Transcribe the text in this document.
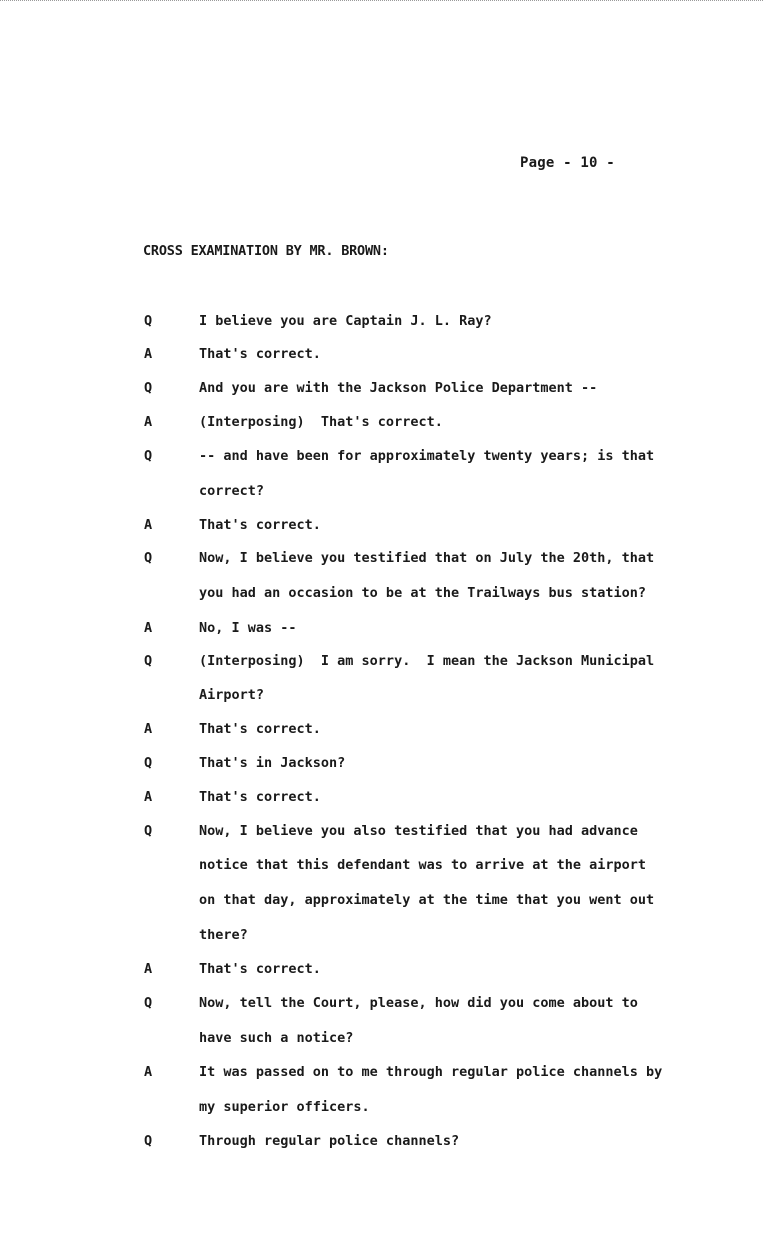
Page - 10 -
CROSS EXAMINATION BY MR. BROWN:

Q

	I believe you are Captain J. L. Ray?

A

	That's correct.

Q

	And you are with the Jackson Police Department --

A

	(Interposing)  That's correct.

Q

	-- and have been for approximately twenty years; is that

correct?

A

	That's correct.

Q

	Now, I believe you testified that on July the 20th, that

you had an occasion to be at the Trailways bus station?

A

	No, I was --

Q

	(Interposing)  I am sorry.  I mean the Jackson Municipal

Airport?

A

	That's correct.

Q

	That's in Jackson?

A

	That's correct.

Q

	Now, I believe you also testified that you had advance

notice that this defendant was to arrive at the airport

on that day, approximately at the time that you went out

there?

A

	That's correct.

Q

	Now, tell the Court, please, how did you come about to

have such a notice?

A

	It was passed on to me through regular police channels by

my superior officers.

Q

	Through regular police channels?
